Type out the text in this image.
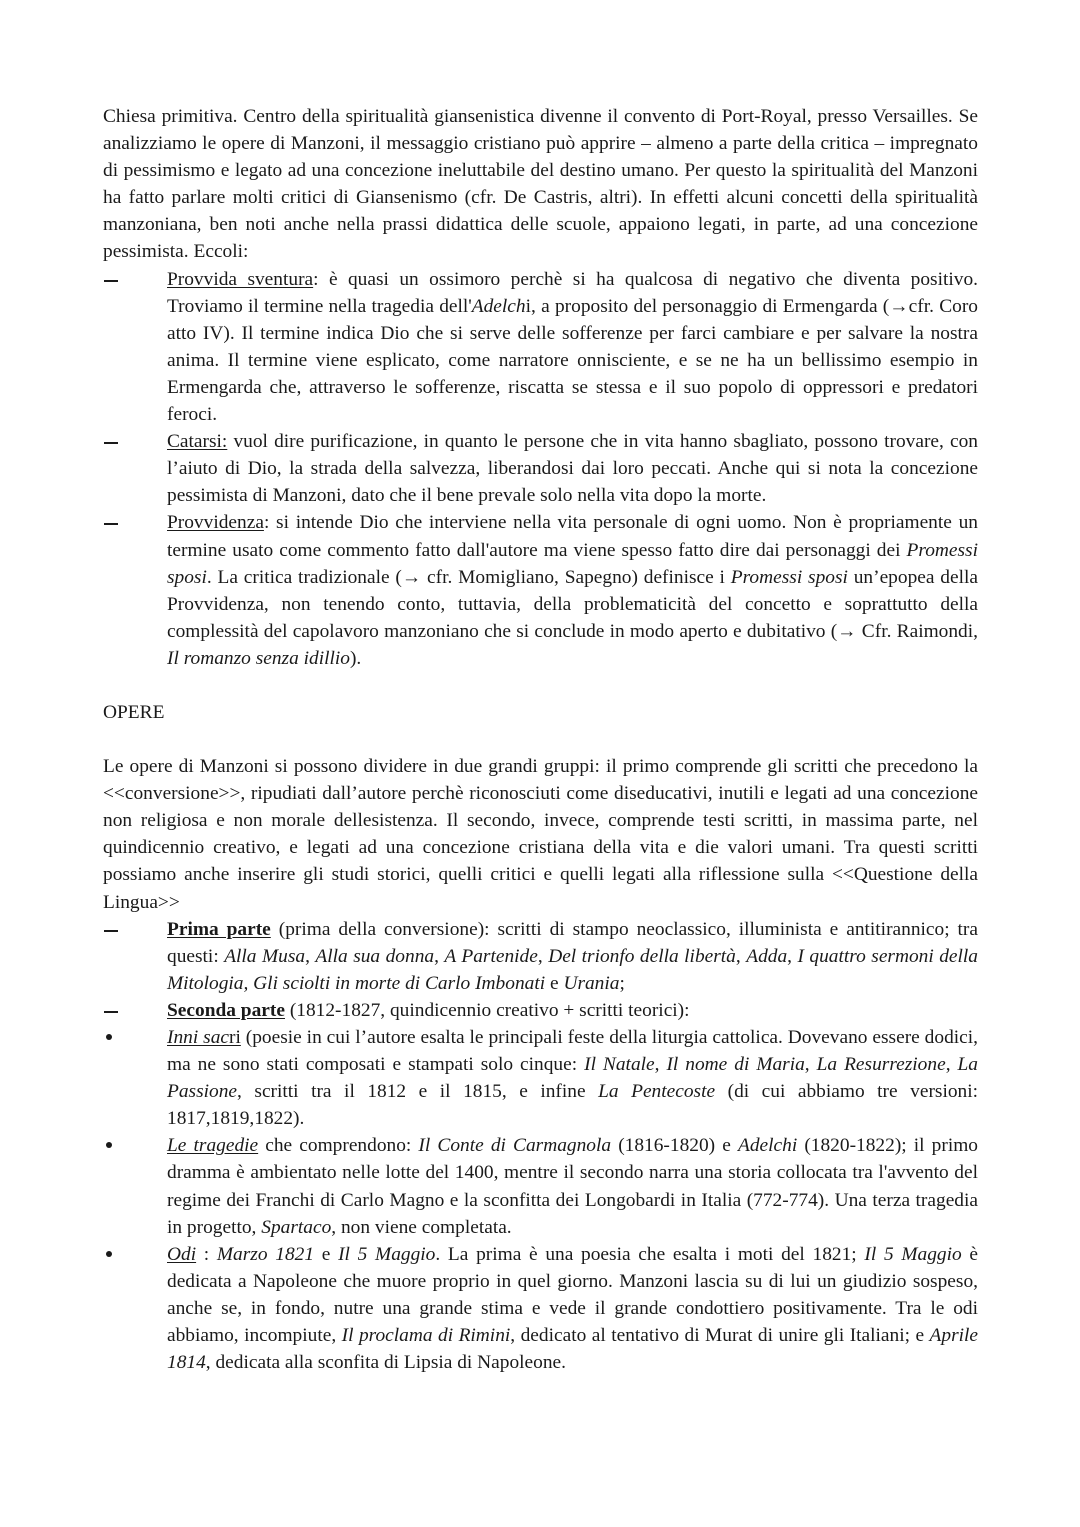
Chiesa primitiva. Centro della spiritualità giansenistica divenne il convento di Port-Royal, presso Versailles. Se analizziamo le opere di Manzoni, il messaggio cristiano può apprire – almeno a parte della critica – impregnato di pessimismo e legato ad una concezione ineluttabile del destino umano. Per questo la spiritualità del Manzoni ha fatto parlare molti critici di Giansenismo (cfr. De Castris, altri). In effetti alcuni concetti della spiritualità manzoniana, ben noti anche nella prassi didattica delle scuole, appaiono legati, in parte, ad una concezione pessimista. Eccoli:

Provvida sventura: è quasi un ossimoro perchè si ha qualcosa di negativo che diventa positivo. Troviamo il termine nella tragedia dell'Adelchi, a proposito del personaggio di Ermengarda (→cfr. Coro atto IV). Il termine indica Dio che si serve delle sofferenze per farci cambiare e per salvare la nostra anima. Il termine viene esplicato, come narratore onnisciente, e se ne ha un bellissimo esempio in Ermengarda che, attraverso le sofferenze, riscatta se stessa e il suo popolo di oppressori e predatori feroci.
Catarsi: vuol dire purificazione, in quanto le persone che in vita hanno sbagliato, possono trovare, con l’aiuto di Dio, la strada della salvezza, liberandosi dai loro peccati. Anche qui si nota la concezione pessimista di Manzoni, dato che il bene prevale solo nella vita dopo la morte.
Provvidenza: si intende Dio che interviene nella vita personale di ogni uomo. Non è propriamente un termine usato come commento fatto dall'autore ma viene spesso fatto dire dai personaggi dei Promessi sposi. La critica tradizionale (→ cfr. Momigliano, Sapegno) definisce i Promessi sposi un’epopea della Provvidenza, non tenendo conto, tuttavia, della problematicità del concetto e soprattutto della complessità del capolavoro manzoniano che si conclude in modo aperto e dubitativo (→ Cfr. Raimondi, Il romanzo senza idillio).

OPERE

Le opere di Manzoni si possono dividere in due grandi gruppi: il primo comprende gli scritti che precedono la <<conversione>>, ripudiati dall’autore perchè riconosciuti come diseducativi, inutili e legati ad una concezione non religiosa e non morale dellesistenza. Il secondo, invece, comprende testi scritti, in massima parte, nel quindicennio creativo, e legati ad una concezione cristiana della vita e die valori umani. Tra questi scritti possiamo anche inserire gli studi storici, quelli critici e quelli legati alla riflessione sulla <<Questione della Lingua>>

Prima parte (prima della conversione): scritti di stampo neoclassico, illuminista e antitirannico; tra questi: Alla Musa, Alla sua donna, A Partenide, Del trionfo della libertà, Adda, I quattro sermoni della Mitologia, Gli sciolti in morte di Carlo Imbonati e Urania;
Seconda parte (1812-1827, quindicennio creativo + scritti teorici):
Inni sacri (poesie in cui l’autore esalta le principali feste della liturgia cattolica. Dovevano essere dodici, ma ne sono stati composati e stampati solo cinque: Il Natale, Il nome di Maria, La Resurrezione, La Passione, scritti tra il 1812 e il 1815, e infine La Pentecoste (di cui abbiamo tre versioni: 1817,1819,1822).
Le tragedie che comprendono: Il Conte di Carmagnola (1816-1820) e Adelchi (1820-1822); il primo dramma è ambientato nelle lotte del 1400, mentre il secondo narra una storia collocata tra l'avvento del regime dei Franchi di Carlo Magno e la sconfitta dei Longobardi in Italia (772-774). Una terza tragedia in progetto, Spartaco, non viene completata.
Odi : Marzo 1821 e Il 5 Maggio. La prima è una poesia che esalta i moti del 1821; Il 5 Maggio è dedicata a Napoleone che muore proprio in quel giorno. Manzoni lascia su di lui un giudizio sospeso, anche se, in fondo, nutre una grande stima e vede il grande condottiero positivamente. Tra le odi abbiamo, incompiute, Il proclama di Rimini, dedicato al tentativo di Murat di unire gli Italiani; e Aprile 1814, dedicata alla sconfita di Lipsia di Napoleone.
